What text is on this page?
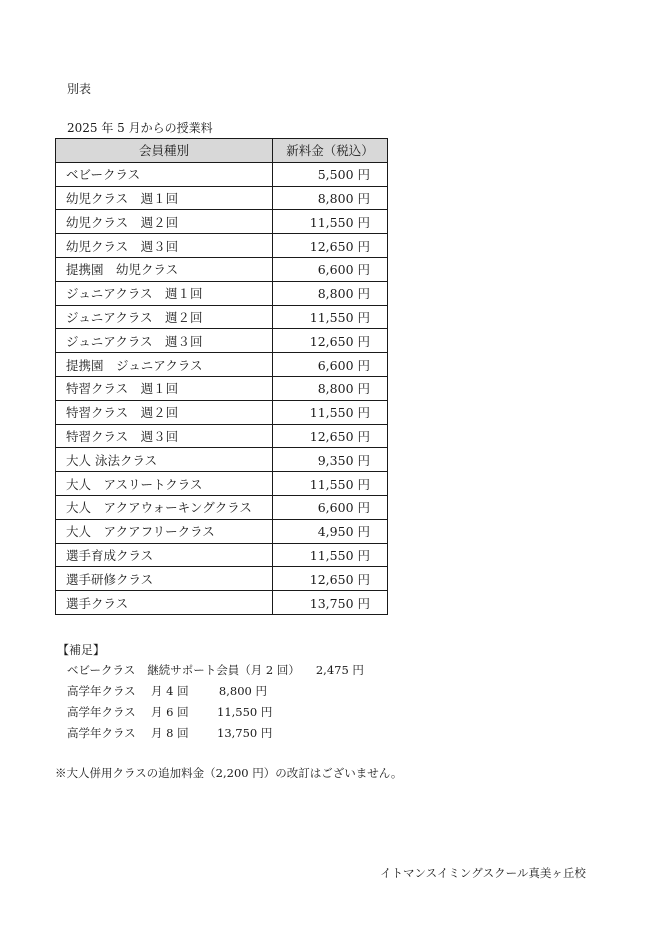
別表
2025 年 5 月からの授業料
会員種別	新料金（税込）
ベビークラス	5,500 円
幼児クラス　週１回	8,800 円
幼児クラス　週２回	11,550 円
幼児クラス　週３回	12,650 円
提携園　幼児クラス	6,600 円
ジュニアクラス　週１回	8,800 円
ジュニアクラス　週２回	11,550 円
ジュニアクラス　週３回	12,650 円
提携園　ジュニアクラス	6,600 円
特習クラス　週１回	8,800 円
特習クラス　週２回	11,550 円
特習クラス　週３回	12,650 円
大人 泳法クラス	9,350 円
大人　アスリートクラス	11,550 円
大人　アクアウォーキングクラス	6,600 円
大人　アクアフリークラス	4,950 円
選手育成クラス	11,550 円
選手研修クラス	12,650 円
選手クラス	13,750 円
【補足】
ベビークラス 継続サポート会員（月 2 回） 2,475 円
高学年クラス 月 4 回	8,800 円
高学年クラス 月 6 回 11,550 円
高学年クラス 月 8 回 13,750 円
※大人併用クラスの追加料金（2,200 円）の改訂はございません。
イトマンスイミングスクール真美ヶ丘校
